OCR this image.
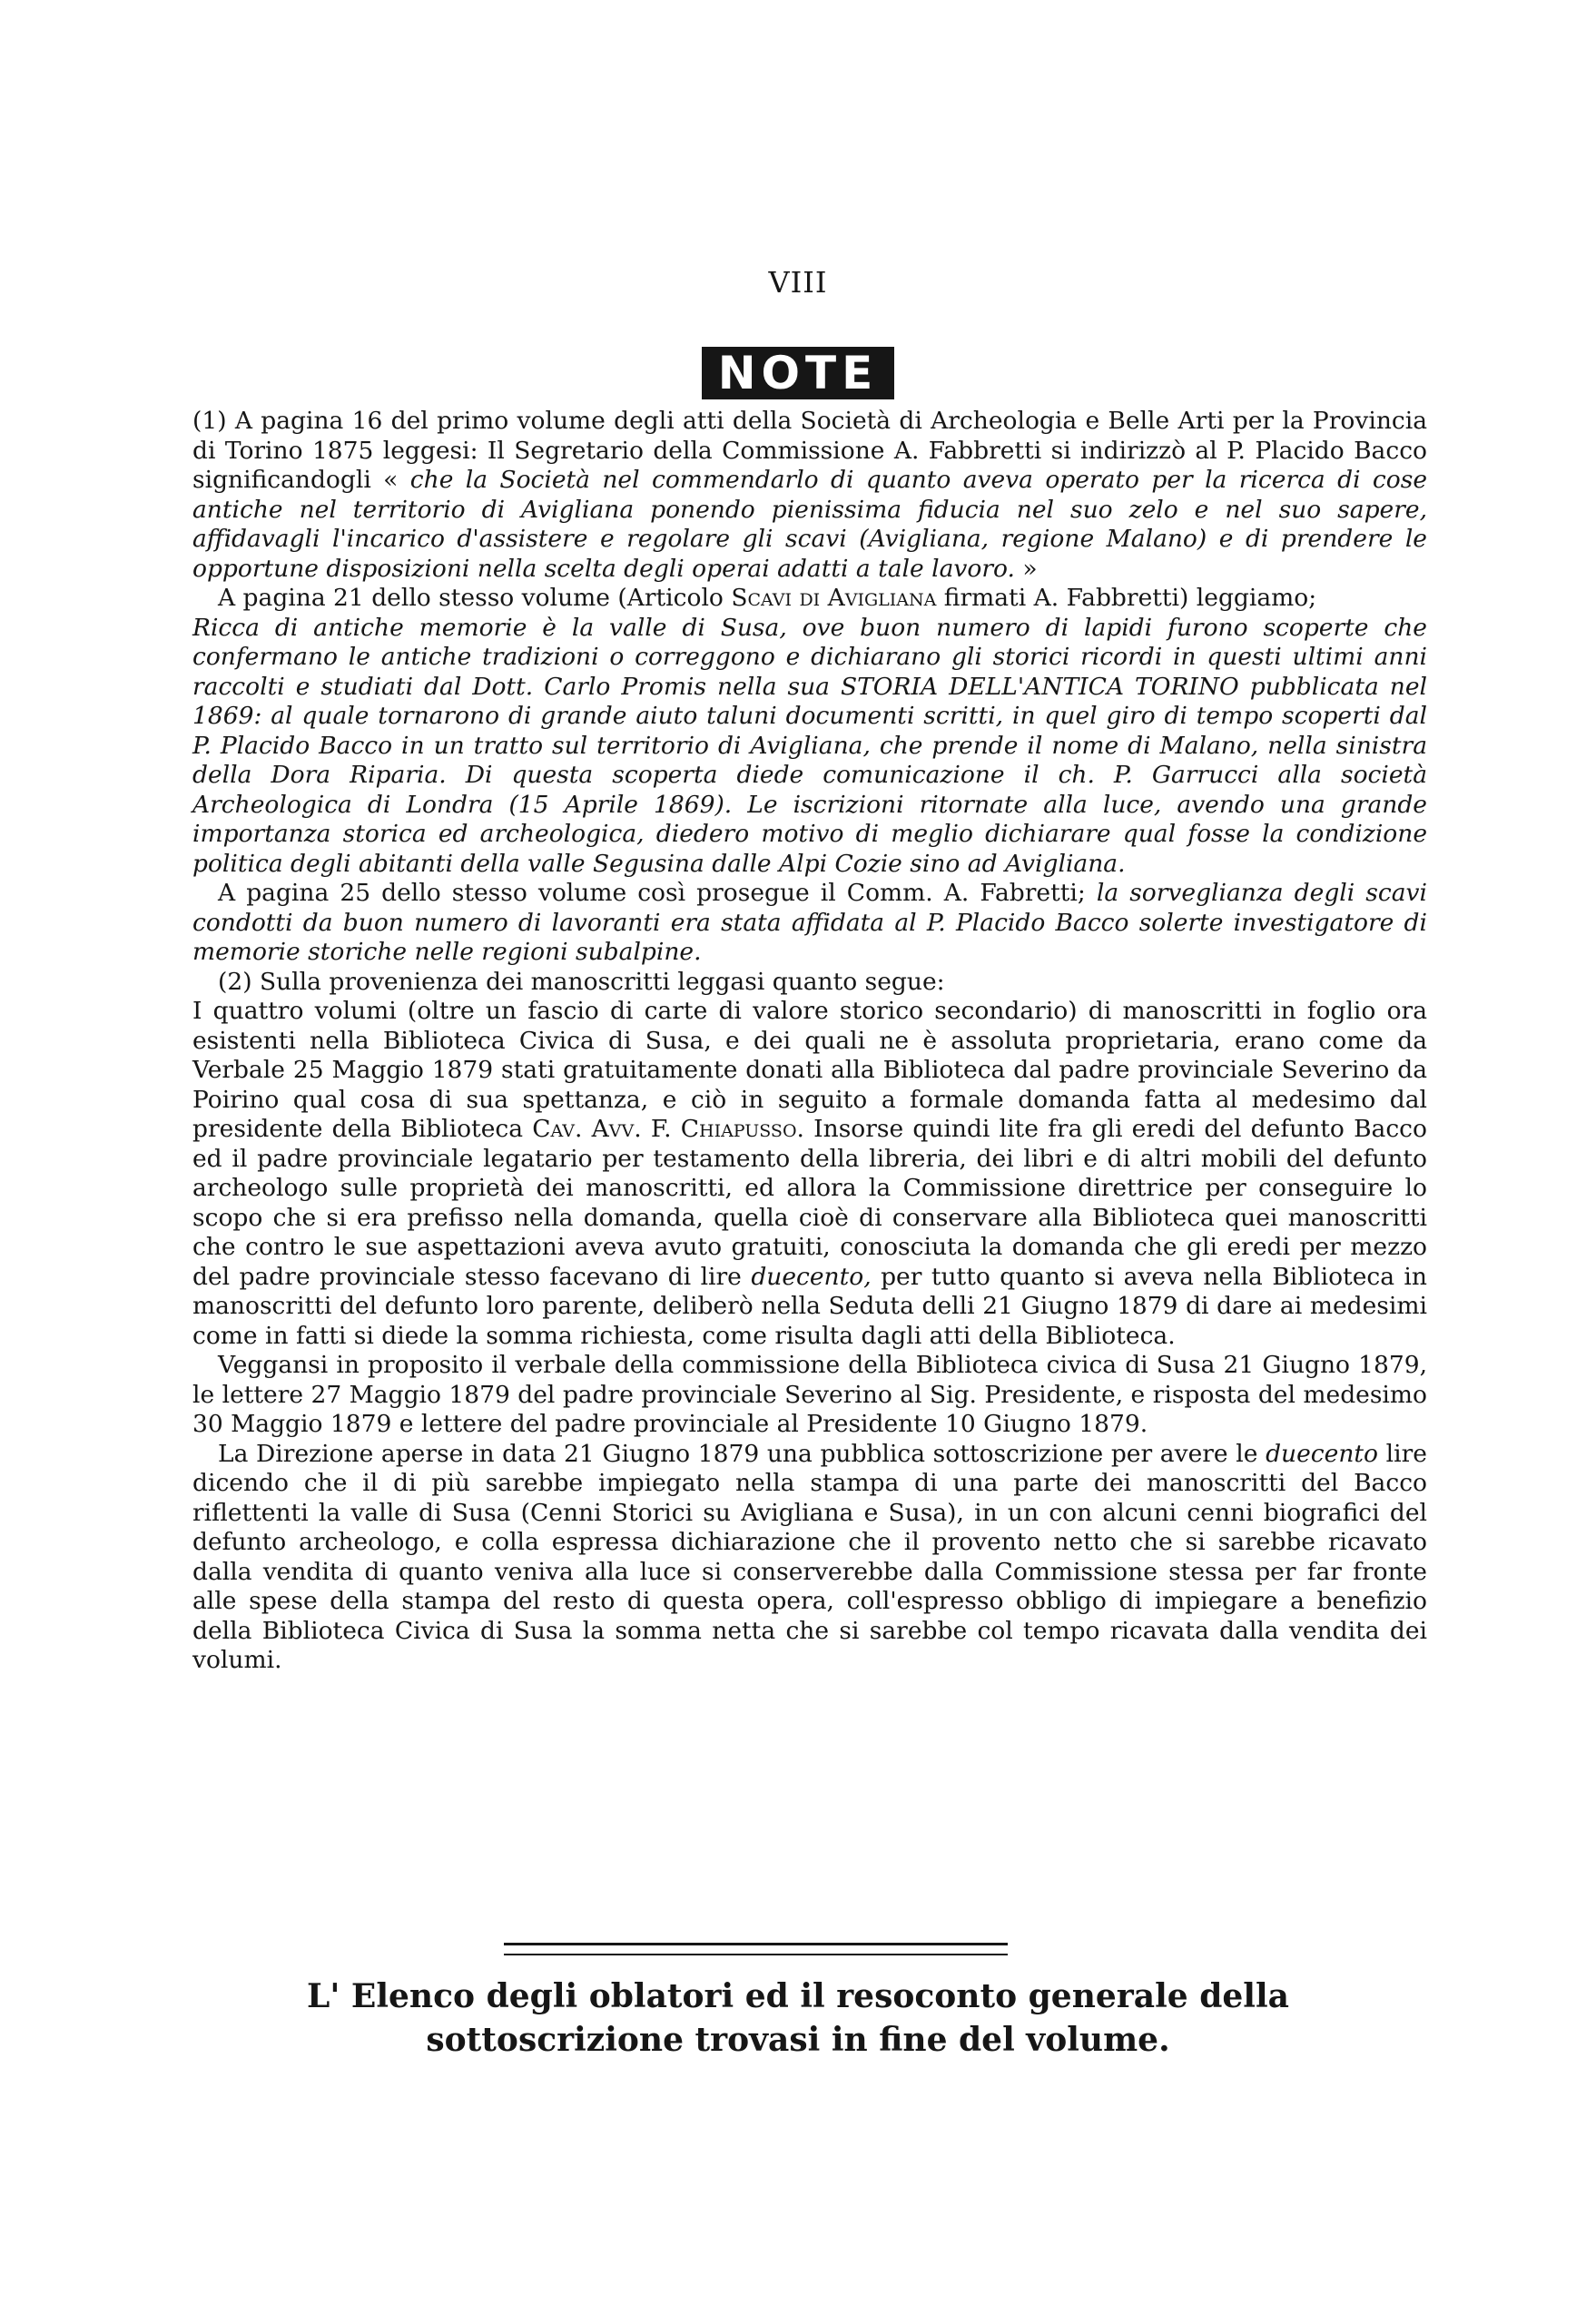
VIII
NOTE

(1) A pagina 16 del primo volume degli atti della Società di Archeologia e Belle Arti per la Provincia di Torino 1875 leggesi: Il Segretario della Commissione A. Fabbretti si indirizzò al P. Placido Bacco significandogli « che la Società nel commendarlo di quanto aveva operato per la ricerca di cose antiche nel territorio di Avigliana ponendo pienissima fiducia nel suo zelo e nel suo sapere, affidavagli l'incarico d'assistere e regolare gli scavi (Avigliana, regione Malano) e di prendere le opportune disposizioni nella scelta degli operai adatti a tale lavoro. »

A pagina 21 dello stesso volume (Articolo Scavi di Avigliana firmati A. Fabbretti) leggiamo;

Ricca di antiche memorie è la valle di Susa, ove buon numero di lapidi furono scoperte che confermano le antiche tradizioni o correggono e dichiarano gli storici ricordi in questi ultimi anni raccolti e studiati dal Dott. Carlo Promis nella sua STORIA DELL'ANTICA TORINO pubblicata nel 1869: al quale tornarono di grande aiuto taluni documenti scritti, in quel giro di tempo scoperti dal P. Placido Bacco in un tratto sul territorio di Avigliana, che prende il nome di Malano, nella sinistra della Dora Riparia. Di questa scoperta diede comunicazione il ch. P. Garrucci alla società Archeologica di Londra (15 Aprile 1869). Le iscrizioni ritornate alla luce, avendo una grande importanza storica ed archeologica, diedero motivo di meglio dichiarare qual fosse la condizione politica degli abitanti della valle Segusina dalle Alpi Cozie sino ad Avigliana.

A pagina 25 dello stesso volume così prosegue il Comm. A. Fabretti; la sorveglianza degli scavi condotti da buon numero di lavoranti era stata affidata al P. Placido Bacco solerte investigatore di memorie storiche nelle regioni subalpine.

(2) Sulla provenienza dei manoscritti leggasi quanto segue:

I quattro volumi (oltre un fascio di carte di valore storico secondario) di manoscritti in foglio ora esistenti nella Biblioteca Civica di Susa, e dei quali ne è assoluta proprietaria, erano come da Verbale 25 Maggio 1879 stati gratuitamente donati alla Biblioteca dal padre provinciale Severino da Poirino qual cosa di sua spettanza, e ciò in seguito a formale domanda fatta al medesimo dal presidente della Biblioteca Cav. Avv. F. Chiapusso. Insorse quindi lite fra gli eredi del defunto Bacco ed il padre provinciale legatario per testamento della libreria, dei libri e di altri mobili del defunto archeologo sulle proprietà dei manoscritti, ed allora la Commissione direttrice per conseguire lo scopo che si era prefisso nella domanda, quella cioè di conservare alla Biblioteca quei manoscritti che contro le sue aspettazioni aveva avuto gratuiti, conosciuta la domanda che gli eredi per mezzo del padre provinciale stesso facevano di lire duecento, per tutto quanto si aveva nella Biblioteca in manoscritti del defunto loro parente, deliberò nella Seduta delli 21 Giugno 1879 di dare ai medesimi come in fatti si diede la somma richiesta, come risulta dagli atti della Biblioteca.

Veggansi in proposito il verbale della commissione della Biblioteca civica di Susa 21 Giugno 1879, le lettere 27 Maggio 1879 del padre provinciale Severino al Sig. Presidente, e risposta del medesimo 30 Maggio 1879 e lettere del padre provinciale al Presidente 10 Giugno 1879.

La Direzione aperse in data 21 Giugno 1879 una pubblica sottoscrizione per avere le duecento lire dicendo che il di più sarebbe impiegato nella stampa di una parte dei manoscritti del Bacco riflettenti la valle di Susa (Cenni Storici su Avigliana e Susa), in un con alcuni cenni biografici del defunto archeologo, e colla espressa dichiarazione che il provento netto che si sarebbe ricavato dalla vendita di quanto veniva alla luce si conserverebbe dalla Commissione stessa per far fronte alle spese della stampa del resto di questa opera, coll'espresso obbligo di impiegare a benefizio della Biblioteca Civica di Susa la somma netta che si sarebbe col tempo ricavata dalla vendita dei volumi.

L' Elenco degli oblatori ed il resoconto generale della
sottoscrizione trovasi in fine del volume.
